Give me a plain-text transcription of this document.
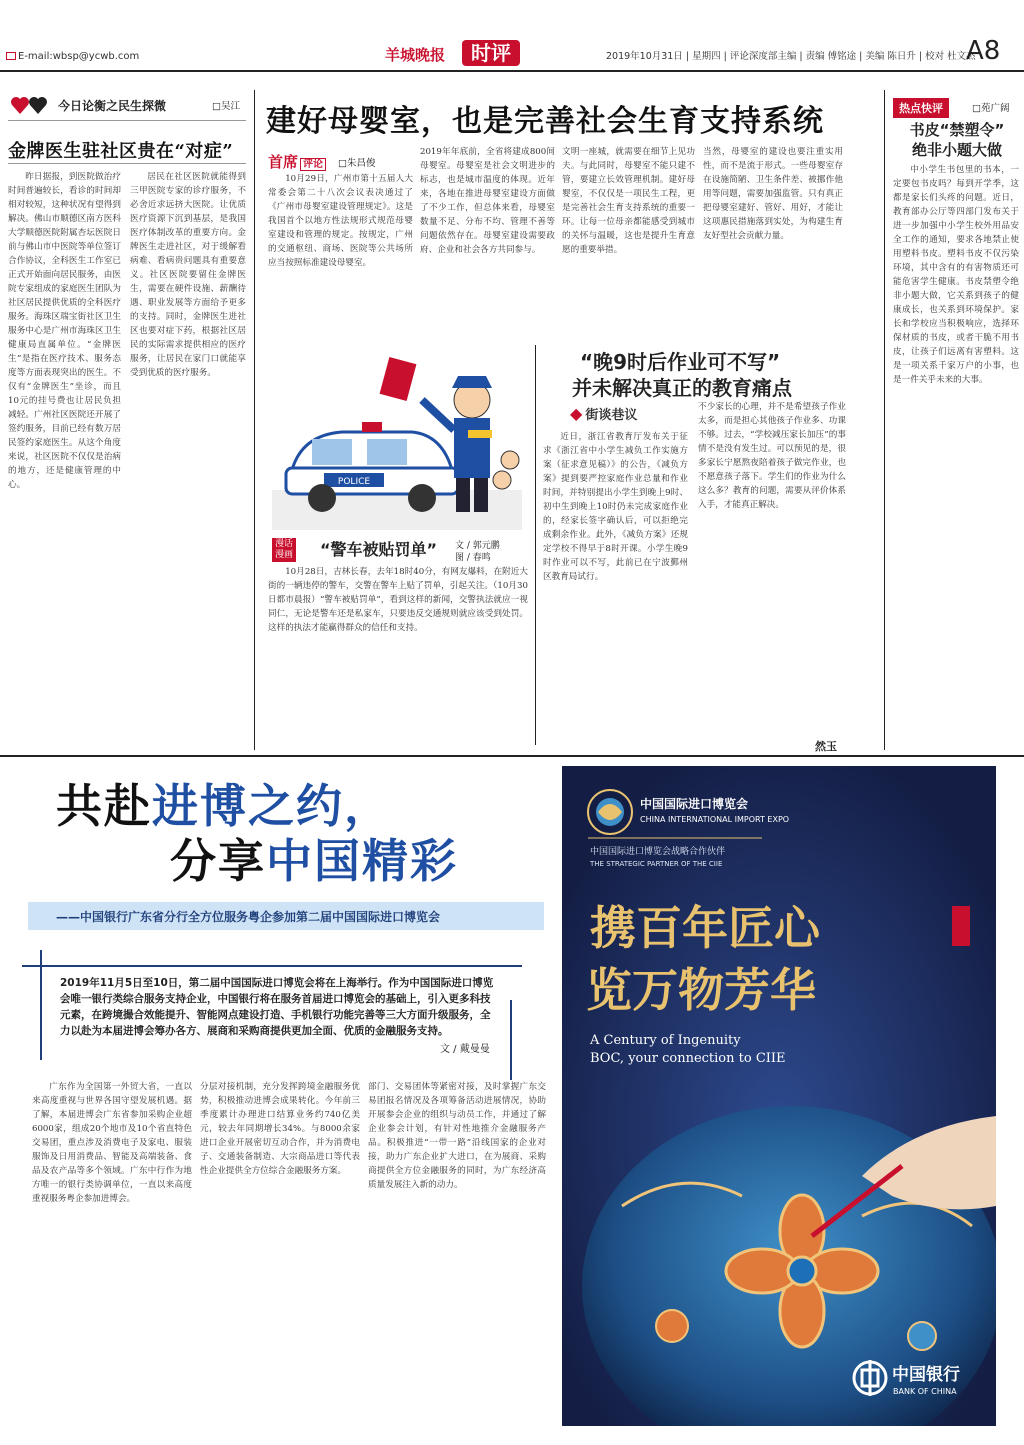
E-mail:wbsp@ycwb.com	羊城晚报	时评	2019年10月31日 | 星期四 | 评论深度部主编 | 责编 傅铭途 | 美编 陈日升 | 校对 杜文杰
A8
今日论衡之民生探微	□吴江
金牌医生驻社区贵在“对症”
昨日据报，到医院做治疗时间普遍较长，看诊的时间却相对较短，这种状况有望得到解决。佛山市顺德区南方医科大学顺德医院附属杏坛医院日前与佛山市中医院等单位签订合作协议，全科医生工作室已正式开始面向居民服务，由医院专家组成的家庭医生团队为社区居民提供优质的全科医疗服务。海珠区瑞宝街社区卫生服务中心是广州市海珠区卫生健康局直属单位。“金牌医生”是指在医疗技术、服务态度等方面表现突出的医生。不仅有“金牌医生”坐诊，而且10元的挂号费也让居民负担减轻。广州社区医院还开展了签约服务，目前已经有数万居民签约家庭医生。从这个角度来说，社区医院不仅仅是治病的地方，还是健康管理的中心。
居民在社区医院就能得到三甲医院专家的诊疗服务，不必舍近求远挤大医院。让优质医疗资源下沉到基层，是我国医疗体制改革的重要方向。金牌医生走进社区，对于缓解看病难、看病贵问题具有重要意义。社区医院要留住金牌医生，需要在硬件设施、薪酬待遇、职业发展等方面给予更多的支持。同时，金牌医生进社区也要对症下药，根据社区居民的实际需求提供相应的医疗服务，让居民在家门口就能享受到优质的医疗服务。
建好母婴室，也是完善社会生育支持系统
首席 评论	□朱昌俊
10月29日，广州市第十五届人大常委会第二十八次会议表决通过了《广州市母婴室建设管理规定》。这是我国首个以地方性法规形式规范母婴室建设和管理的规定。按规定，广州的交通枢纽、商场、医院等公共场所应当按照标准建设母婴室。
2019年年底前，全省将建成800间母婴室。母婴室是社会文明进步的标志，也是城市温度的体现。近年来，各地在推进母婴室建设方面做了不少工作，但总体来看，母婴室数量不足、分布不均、管理不善等问题依然存在。母婴室建设需要政府、企业和社会各方共同参与。
文明一座城，就需要在细节上见功夫。与此同时，母婴室不能只建不管，要建立长效管理机制。建好母婴室，不仅仅是一项民生工程，更是完善社会生育支持系统的重要一环。让每一位母亲都能感受到城市的关怀与温暖，这也是提升生育意愿的重要举措。
当然，母婴室的建设也要注重实用性，而不是流于形式。一些母婴室存在设施简陋、卫生条件差、被挪作他用等问题，需要加强监管。只有真正把母婴室建好、管好、用好，才能让这项惠民措施落到实处，为构建生育友好型社会贡献力量。
POLICE
漫话
漫画 “警车被贴罚单” 文 / 郭元鹏
图 / 春鸣
10月28日，吉林长春，去年18时40分，有网友爆料，在附近大街的一辆违停的警车，交警在警车上贴了罚单，引起关注。（10月30日都市晨报）“警车被贴罚单”，看到这样的新闻，交警执法就应一视同仁，无论是警车还是私家车，只要违反交通规则就应该受到处罚。这样的执法才能赢得群众的信任和支持。
“晚9时后作业可不写”
并未解决真正的教育痛点
◆ 街谈巷议
近日，浙江省教育厅发布关于征求《浙江省中小学生减负工作实施方案（征求意见稿）》的公告，《减负方案》提到要严控家庭作业总量和作业时间，并特别提出小学生到晚上9时、初中生到晚上10时仍未完成家庭作业的，经家长签字确认后，可以拒绝完成剩余作业。此外，《减负方案》还规定学校不得早于8时开课。小学生晚9时作业可以不写，此前已在宁波鄞州区教育局试行。
不少家长的心理，并不是希望孩子作业太多，而是担心其他孩子作业多、功课不够。过去，“学校减压家长加压”的事情不是没有发生过。可以预见的是，很多家长宁愿熬夜陪着孩子做完作业，也不愿意孩子落下。学生们的作业为什么这么多？教育的问题，需要从评价体系入手，才能真正解决。
然玉
热点快评	□苑广阔
书皮“禁塑令”
绝非小题大做
中小学生书包里的书本，一定要包书皮吗？每到开学季，这都是家长们头疼的问题。近日，教育部办公厅等四部门发布关于进一步加强中小学生校外用品安全工作的通知，要求各地禁止使用塑料书皮。塑料书皮不仅污染环境，其中含有的有害物质还可能危害学生健康。书皮禁塑令绝非小题大做，它关系到孩子的健康成长，也关系到环境保护。家长和学校应当积极响应，选择环保材质的书皮，或者干脆不用书皮，让孩子们远离有害塑料。这是一项关系千家万户的小事，也是一件关乎未来的大事。
共赴进博之约，
分享中国精彩
——中国银行广东省分行全方位服务粤企参加第二届中国国际进口博览会
2019年11月5日至10日，第二届中国国际进口博览会将在上海举行。作为中国国际进口博览会唯一银行类综合服务支持企业，中国银行将在服务首届进口博览会的基础上，引入更多科技元素，在跨境撮合效能提升、智能网点建设打造、手机银行功能完善等三大方面升级服务，全力以赴为本届进博会筹办各方、展商和采购商提供更加全面、优质的金融服务支持。
文 / 戴曼曼
广东作为全国第一外贸大省，一直以来高度重视与世界各国守望发展机遇。据了解，本届进博会广东省参加采购企业超6000家，组成20个地市及10个省直特色交易团，重点涉及消费电子及家电、服装服饰及日用消费品、智能及高端装备、食品及农产品等多个领域。广东中行作为地方唯一的银行类协调单位，一直以来高度重视服务粤企参加进博会。
分层对接机制，充分发挥跨境金融服务优势，积极推动进博会成果转化。今年前三季度累计办理进口结算业务约740亿美元，较去年同期增长34%。与8000余家进口企业开展密切互动合作，并为消费电子、交通装备制造、大宗商品进口等代表性企业提供全方位综合金融服务方案。
部门、交易团体等紧密对接，及时掌握广东交易团报名情况及各项筹备活动进展情况，协助开展参会企业的组织与动员工作，并通过了解企业参会计划，有针对性地推介金融服务产品。积极推进“一带一路”沿线国家的企业对接，助力广东企业扩大进口，在为展商、采购商提供全方位金融服务的同时，为广东经济高质量发展注入新的动力。
中国国际进口博览会
CHINA INTERNATIONAL IMPORT EXPO
中国国际进口博览会战略合作伙伴
THE STRATEGIC PARTNER OF THE CIIE
携百年匠心
览万物芳华
A Century of Ingenuity
BOC, your connection to CIIE
中国银行
BANK OF CHINA
